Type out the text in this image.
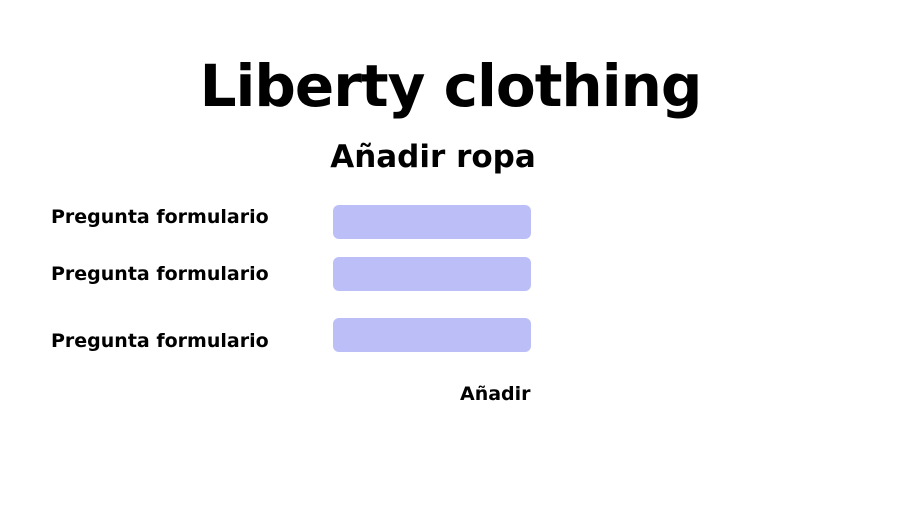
Liberty clothing
Añadir ropa
Pregunta formulario
Pregunta formulario
Pregunta formulario
Añadir
